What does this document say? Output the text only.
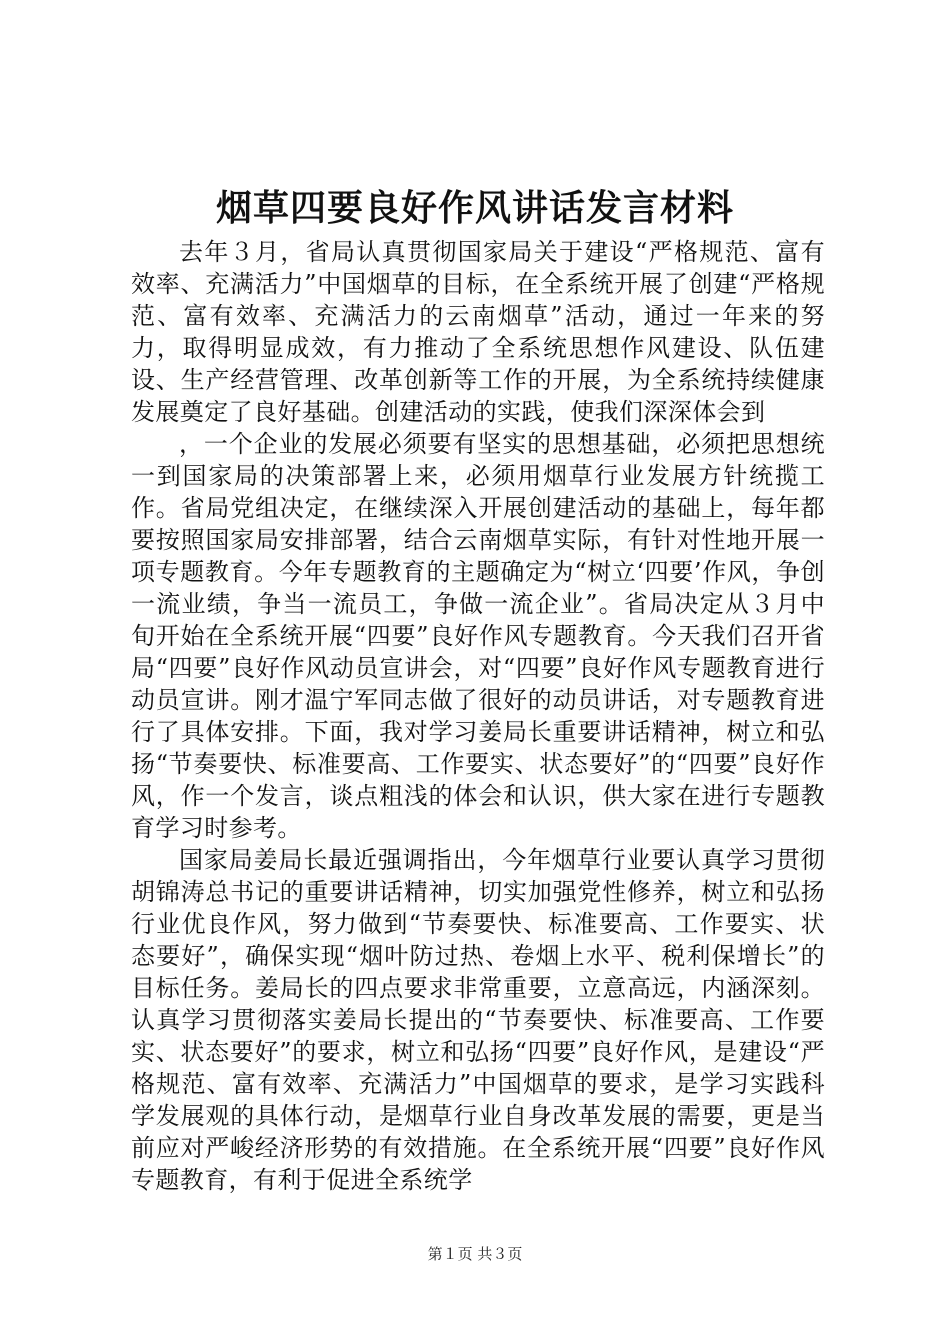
烟草四要良好作风讲话发言材料

去年３月，省局认真贯彻国家局关于建设“严格规范、富有效率、充满活力”中国烟草的目标，在全系统开展了创建“严格规范、富有效率、充满活力的云南烟草”活动，通过一年来的努力，取得明显成效，有力推动了全系统思想作风建设、队伍建设、生产经营管理、改革创新等工作的开展，为全系统持续健康发展奠定了良好基础。创建活动的实践，使我们深深体会到

，一个企业的发展必须要有坚实的思想基础，必须把思想统一到国家局的决策部署上来，必须用烟草行业发展方针统揽工作。省局党组决定，在继续深入开展创建活动的基础上，每年都要按照国家局安排部署，结合云南烟草实际，有针对性地开展一项专题教育。今年专题教育的主题确定为“树立‘四要’作风，争创一流业绩，争当一流员工，争做一流企业”。省局决定从３月中旬开始在全系统开展“四要”良好作风专题教育。今天我们召开省局“四要”良好作风动员宣讲会，对“四要”良好作风专题教育进行动员宣讲。刚才温宁军同志做了很好的动员讲话，对专题教育进行了具体安排。下面，我对学习姜局长重要讲话精神，树立和弘扬“节奏要快、标准要高、工作要实、状态要好”的“四要”良好作风，作一个发言，谈点粗浅的体会和认识，供大家在进行专题教育学习时参考。

国家局姜局长最近强调指出，今年烟草行业要认真学习贯彻胡锦涛总书记的重要讲话精神，切实加强党性修养，树立和弘扬行业优良作风，努力做到“节奏要快、标准要高、工作要实、状态要好”，确保实现“烟叶防过热、卷烟上水平、税利保增长”的目标任务。姜局长的四点要求非常重要，立意高远，内涵深刻。认真学习贯彻落实姜局长提出的“节奏要快、标准要高、工作要实、状态要好”的要求，树立和弘扬“四要”良好作风，是建设“严格规范、富有效率、充满活力”中国烟草的要求，是学习实践科学发展观的具体行动，是烟草行业自身改革发展的需要，更是当前应对严峻经济形势的有效措施。在全系统开展“四要”良好作风专题教育，有利于促进全系统学

第１页 共３页
